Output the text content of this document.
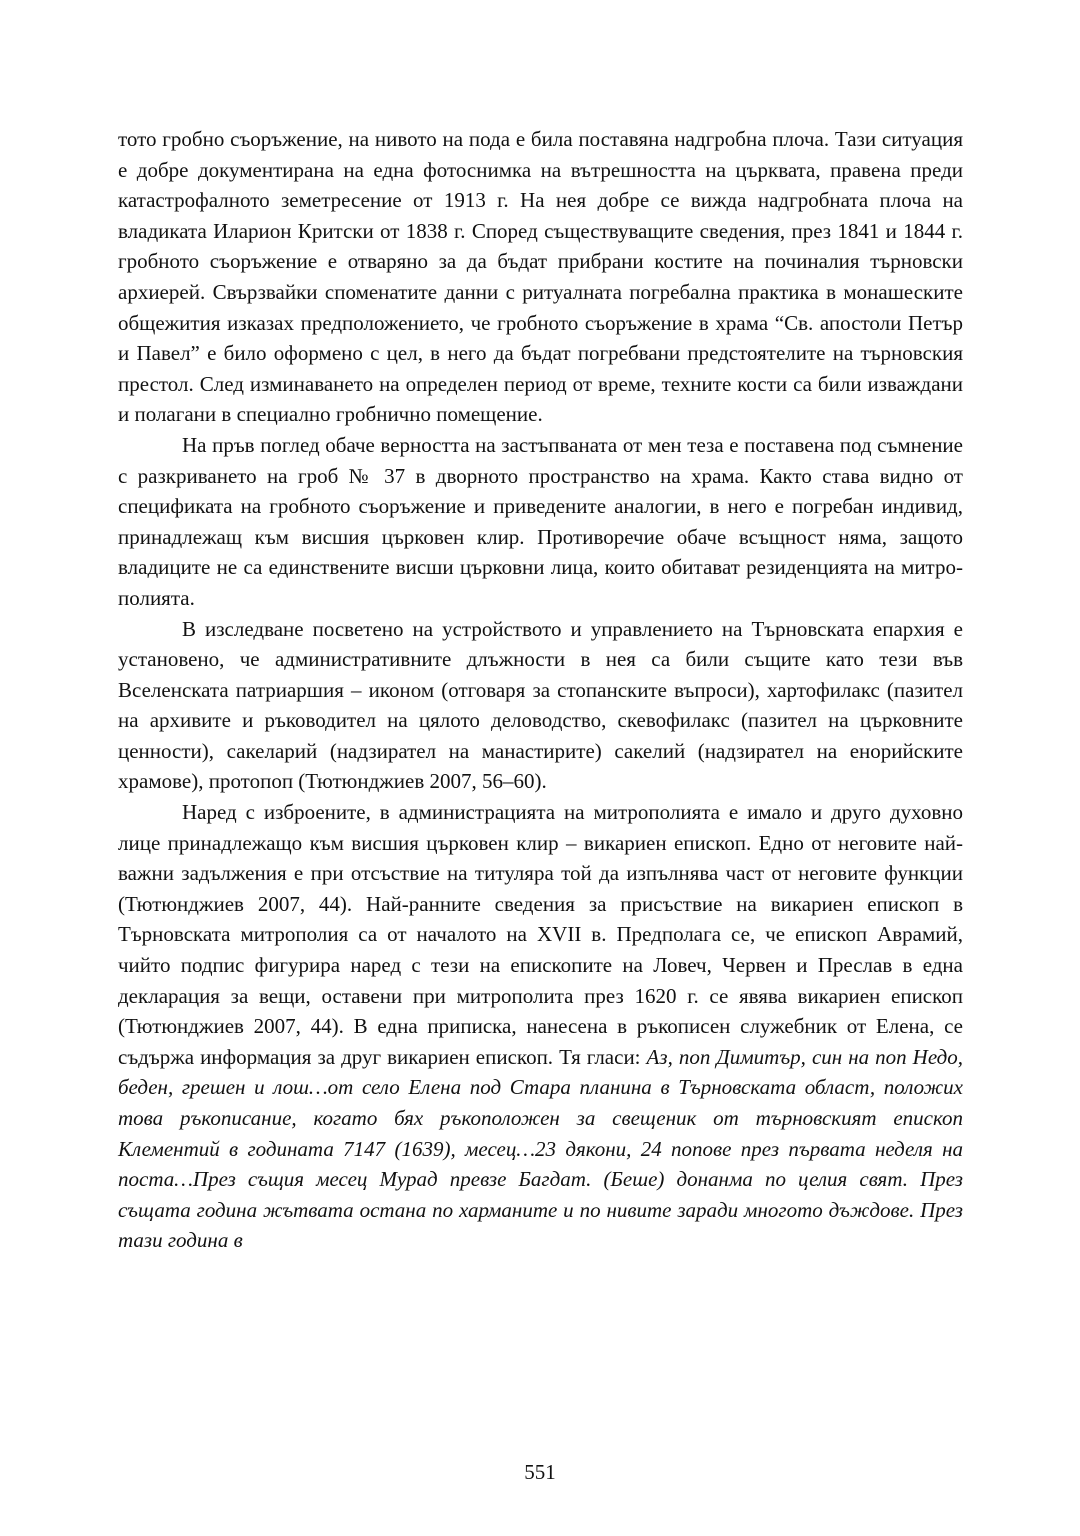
тото гробно съоръжение, на нивото на пода е била поставяна надгробна плоча. Тази ситуация е добре документирана на една фотоснимка на вътрешността на църквата, правена преди катастрофалното земетресение от 1913 г. На нея добре се вижда надгробната плоча на владиката Иларион Критски от 1838 г. Според съществуващите сведения, през 1841 и 1844 г. гробното съоръжение е отваряно за да бъдат прибрани костите на починалия търновски архиерей. Свързвайки споменатите данни с ритуалната погребална практика в монашеските общежития изказах предположението, че гробното съоръжение в храма “Св. апостоли Петър и Павел” е било оформено с цел, в него да бъдат погребвани предстоятелите на търновския престол. След изминаването на определен период от време, техните кости са били изваждани и полагани в специално гробнично помещение.

На пръв поглед обаче верността на застъпваната от мен теза е поставена под съмнение с разкриването на гроб № 37 в дворното пространство на храма. Както става видно от спецификата на гробното съоръжение и приведените аналогии, в него е погребан индивид, принадлежащ към висшия църковен клир. Противоречие обаче всъщност няма, защото владиците не са единствените висши църковни лица, които обитават резиденцията на митрополията.

В изследване посветено на устройството и управлението на Търновската епархия е установено, че административните длъжности в нея са били същите като тези във Вселенската патриаршия – иконом (отговаря за стопанските въпроси), хартофилакс (пазител на архивите и ръководител на цялото деловодство, скевофилакс (пазител на църковните ценности), сакеларий (надзирател на манастирите) сакелий (надзирател на енорийските храмове), протопоп (Тютюнджиев 2007, 56–60).

Наред с изброените, в администрацията на митрополията е имало и друго духовно лице принадлежащо към висшия църковен клир – викариен епископ. Едно от неговите най-важни задължения е при отсъствие на титуляра той да изпълнява част от неговите функции (Тютюнджиев 2007, 44). Най-ранните сведения за присъствие на викариен епископ в Търновската митрополия са от началото на XVII в. Предполага се, че епископ Аврамий, чийто подпис фигурира наред с тези на епископите на Ловеч, Червен и Преслав в една декларация за вещи, оставени при митрополита през 1620 г. се явява викариен епископ (Тютюнджиев 2007, 44). В една приписка, нанесена в ръкописен служебник от Елена, се съдържа информация за друг викариен епископ. Тя гласи: Аз, поп Димитър, син на поп Недо, беден, грешен и лош…от село Елена под Стара планина в Търновската област, положих това ръкописание, когато бях ръкоположен за свещеник от търновският епископ Клементий в годината 7147 (1639), месец…23 дякони, 24 попове през първата неделя на поста…През същия месец Мурад превзе Багдат. (Беше) донанма по целия свят. През същата година жътвата остана по харманите и по нивите заради многото дъждове. През тази година в

551
